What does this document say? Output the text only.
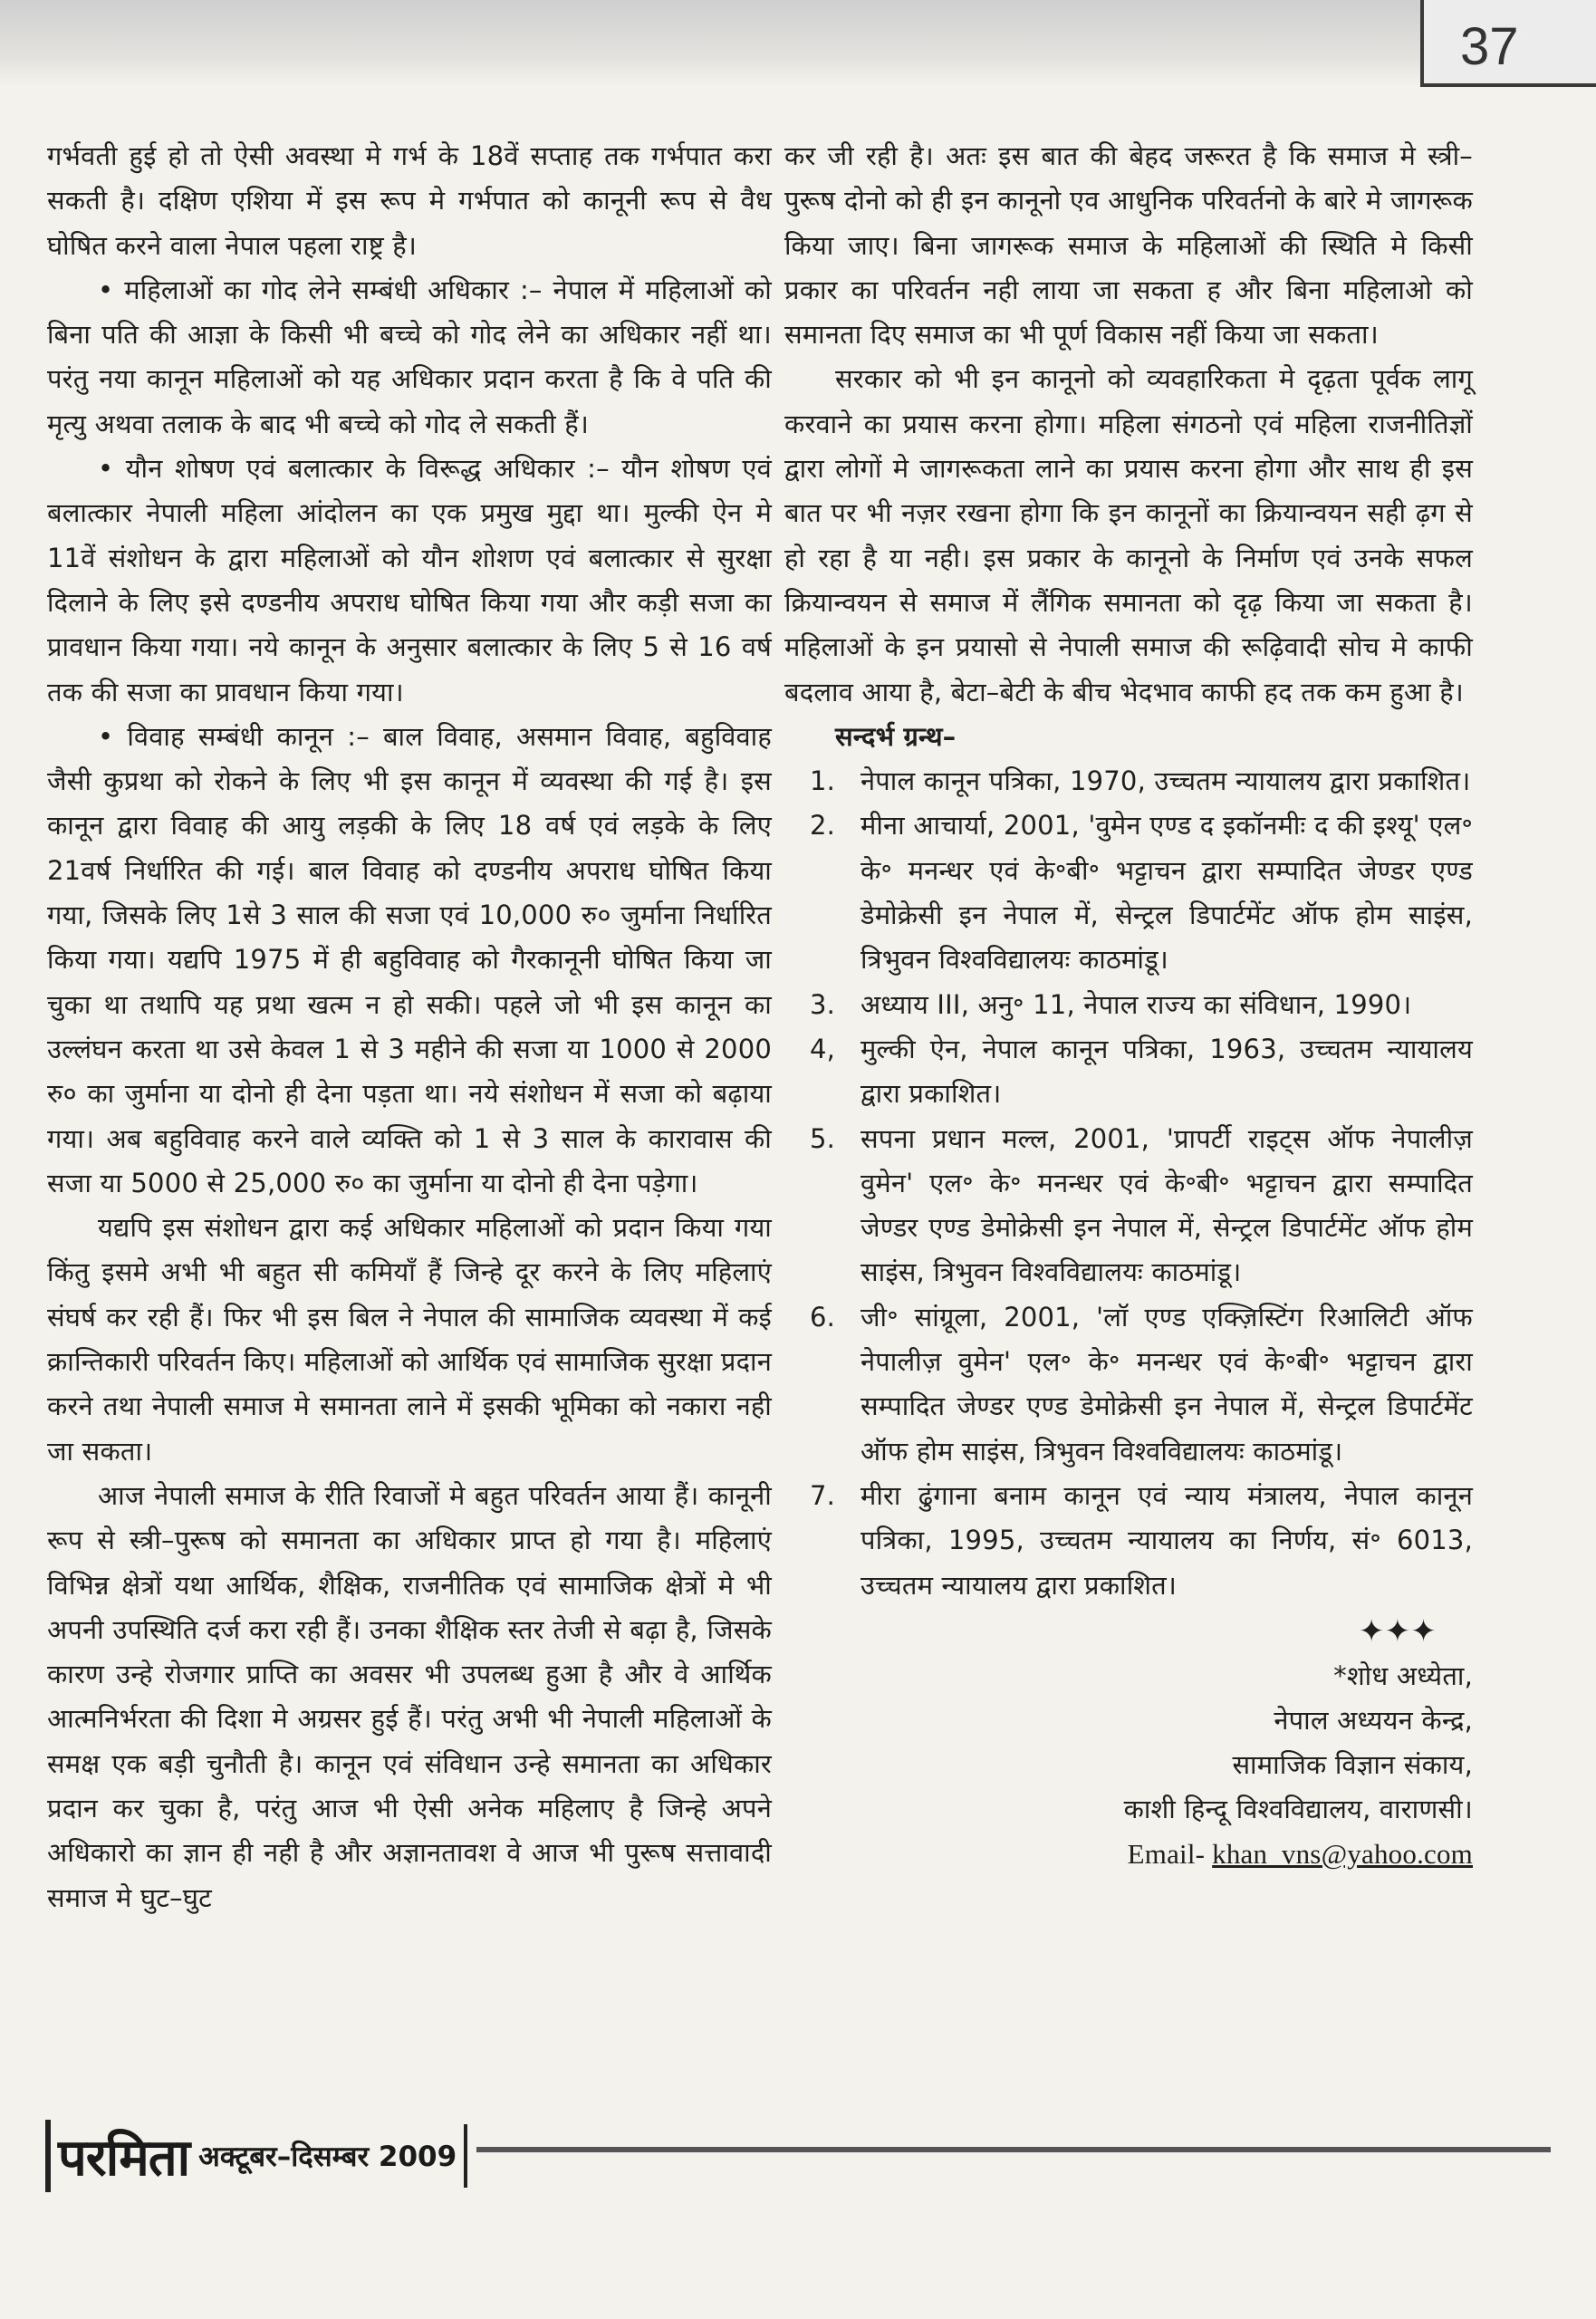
37

गर्भवती हुई हो तो ऐसी अवस्था मे गर्भ के 18वें सप्ताह तक गर्भपात करा सकती है। दक्षिण एशिया में इस रूप मे गर्भपात को कानूनी रूप से वैध घोषित करने वाला नेपाल पहला राष्ट्र है।

• महिलाओं का गोद लेने सम्बंधी अधिकार :– नेपाल में महिलाओं को बिना पति की आज्ञा के किसी भी बच्चे को गोद लेने का अधिकार नहीं था। परंतु नया कानून महिलाओं को यह अधिकार प्रदान करता है कि वे पति की मृत्यु अथवा तलाक के बाद भी बच्चे को गोद ले सकती हैं।

• यौन शोषण एवं बलात्कार के विरूद्ध अधिकार :– यौन शोषण एवं बलात्कार नेपाली महिला आंदोलन का एक प्रमुख मुद्दा था। मुल्की ऐन मे 11वें संशोधन के द्वारा महिलाओं को यौन शोशण एवं बलात्कार से सुरक्षा दिलाने के लिए इसे दण्डनीय अपराध घोषित किया गया और कड़ी सजा का प्रावधान किया गया। नये कानून के अनुसार बलात्कार के लिए 5 से 16 वर्ष तक की सजा का प्रावधान किया गया।

• विवाह सम्बंधी कानून :– बाल विवाह, असमान विवाह, बहुविवाह जैसी कुप्रथा को रोकने के लिए भी इस कानून में व्यवस्था की गई है। इस कानून द्वारा विवाह की आयु लड़की के लिए 18 वर्ष एवं लड़के के लिए 21वर्ष निर्धारित की गई। बाल विवाह को दण्डनीय अपराध घोषित किया गया, जिसके लिए 1से 3 साल की सजा एवं 10,000 रु० जुर्माना निर्धारित किया गया। यद्यपि 1975 में ही बहुविवाह को गैरकानूनी घोषित किया जा चुका था तथापि यह प्रथा खत्म न हो सकी। पहले जो भी इस कानून का उल्लंघन करता था उसे केवल 1 से 3 महीने की सजा या 1000 से 2000 रु० का जुर्माना या दोनो ही देना पड़ता था। नये संशोधन में सजा को बढ़ाया गया। अब बहुविवाह करने वाले व्यक्ति को 1 से 3 साल के कारावास की सजा या 5000 से 25,000 रु० का जुर्माना या दोनो ही देना पड़ेगा।

यद्यपि इस संशोधन द्वारा कई अधिकार महिलाओं को प्रदान किया गया किंतु इसमे अभी भी बहुत सी कमियाँ हैं जिन्हे दूर करने के लिए महिलाएं संघर्ष कर रही हैं। फिर भी इस बिल ने नेपाल की सामाजिक व्यवस्था में कई क्रान्तिकारी परिवर्तन किए। महिलाओं को आर्थिक एवं सामाजिक सुरक्षा प्रदान करने तथा नेपाली समाज मे समानता लाने में इसकी भूमिका को नकारा नही जा सकता।

आज नेपाली समाज के रीति रिवाजों मे बहुत परिवर्तन आया हैं। कानूनी रूप से स्त्री–पुरूष को समानता का अधिकार प्राप्त हो गया है। महिलाएं विभिन्न क्षेत्रों यथा आर्थिक, शैक्षिक, राजनीतिक एवं सामाजिक क्षेत्रों मे भी अपनी उपस्थिति दर्ज करा रही हैं। उनका शैक्षिक स्तर तेजी से बढ़ा है, जिसके कारण उन्हे रोजगार प्राप्ति का अवसर भी उपलब्ध हुआ है और वे आर्थिक आत्मनिर्भरता की दिशा मे अग्रसर हुई हैं। परंतु अभी भी नेपाली महिलाओं के समक्ष एक बड़ी चुनौती है। कानून एवं संविधान उन्हे समानता का अधिकार प्रदान कर चुका है, परंतु आज भी ऐसी अनेक महिलाए है जिन्हे अपने अधिकारो का ज्ञान ही नही है और अज्ञानतावश वे आज भी पुरूष सत्तावादी समाज मे घुट–घुट

कर जी रही है। अतः इस बात की बेहद जरूरत है कि समाज मे स्त्री–पुरूष दोनो को ही इन कानूनो एव आधुनिक परिवर्तनो के बारे मे जागरूक किया जाए। बिना जागरूक समाज के महिलाओं की स्थिति मे किसी प्रकार का परिवर्तन नही लाया जा सकता ह और बिना महिलाओ को समानता दिए समाज का भी पूर्ण विकास नहीं किया जा सकता।

सरकार को भी इन कानूनो को व्यवहारिकता मे दृढ़ता पूर्वक लागू करवाने का प्रयास करना होगा। महिला संगठनो एवं महिला राजनीतिज्ञों द्वारा लोगों मे जागरूकता लाने का प्रयास करना होगा और साथ ही इस बात पर भी नज़र रखना होगा कि इन कानूनों का क्रियान्वयन सही ढ़ग से हो रहा है या नही। इस प्रकार के कानूनो के निर्माण एवं उनके सफल क्रियान्वयन से समाज में लैंगिक समानता को दृढ़ किया जा सकता है। महिलाओं के इन प्रयासो से नेपाली समाज की रूढ़िवादी सोच मे काफी बदलाव आया है, बेटा–बेटी के बीच भेदभाव काफी हद तक कम हुआ है।

सन्दर्भ ग्रन्थ–

1. नेपाल कानून पत्रिका, 1970, उच्चतम न्यायालय द्वारा प्रकाशित।
2. मीना आचार्या, 2001, 'वुमेन एण्ड द इकॉनमीः द की इश्यू' एल॰ के॰ मनन्धर एवं के॰बी॰ भट्टाचन द्वारा सम्पादित जेण्डर एण्ड डेमोक्रेसी इन नेपाल में, सेन्ट्रल डिपार्टमेंट ऑफ होम साइंस, त्रिभुवन विश्वविद्यालयः काठमांडू।
3. अध्याय III, अनु॰ 11, नेपाल राज्य का संविधान, 1990।
4, मुल्की ऐन, नेपाल कानून पत्रिका, 1963, उच्चतम न्यायालय द्वारा प्रकाशित।
5. सपना प्रधान मल्ल, 2001, 'प्रापर्टी राइट्स ऑफ नेपालीज़ वुमेन' एल॰ के॰ मनन्धर एवं के॰बी॰ भट्टाचन द्वारा सम्पादित जेण्डर एण्ड डेमोक्रेसी इन नेपाल में, सेन्ट्रल डिपार्टमेंट ऑफ होम साइंस, त्रिभुवन विश्वविद्यालयः काठमांडू।
6. जी॰ सांग्रूला, 2001, 'लॉ एण्ड एक्ज़िस्टिंग रिआलिटी ऑफ नेपालीज़ वुमेन' एल॰ के॰ मनन्धर एवं के॰बी॰ भट्टाचन द्वारा सम्पादित जेण्डर एण्ड डेमोक्रेसी इन नेपाल में, सेन्ट्रल डिपार्टमेंट ऑफ होम साइंस, त्रिभुवन विश्वविद्यालयः काठमांडू।
7. मीरा ढुंगाना बनाम कानून एवं न्याय मंत्रालय, नेपाल कानून पत्रिका, 1995, उच्चतम न्यायालय का निर्णय, सं॰ 6013, उच्चतम न्यायालय द्वारा प्रकाशित।
✦✦✦
*शोध अध्येता,
नेपाल अध्ययन केन्द्र,
सामाजिक विज्ञान संकाय,
काशी हिन्दू विश्वविद्यालय, वाराणसी।
Email- khan_vns@yahoo.com
परमिता अक्टूबर–दिसम्बर 2009
